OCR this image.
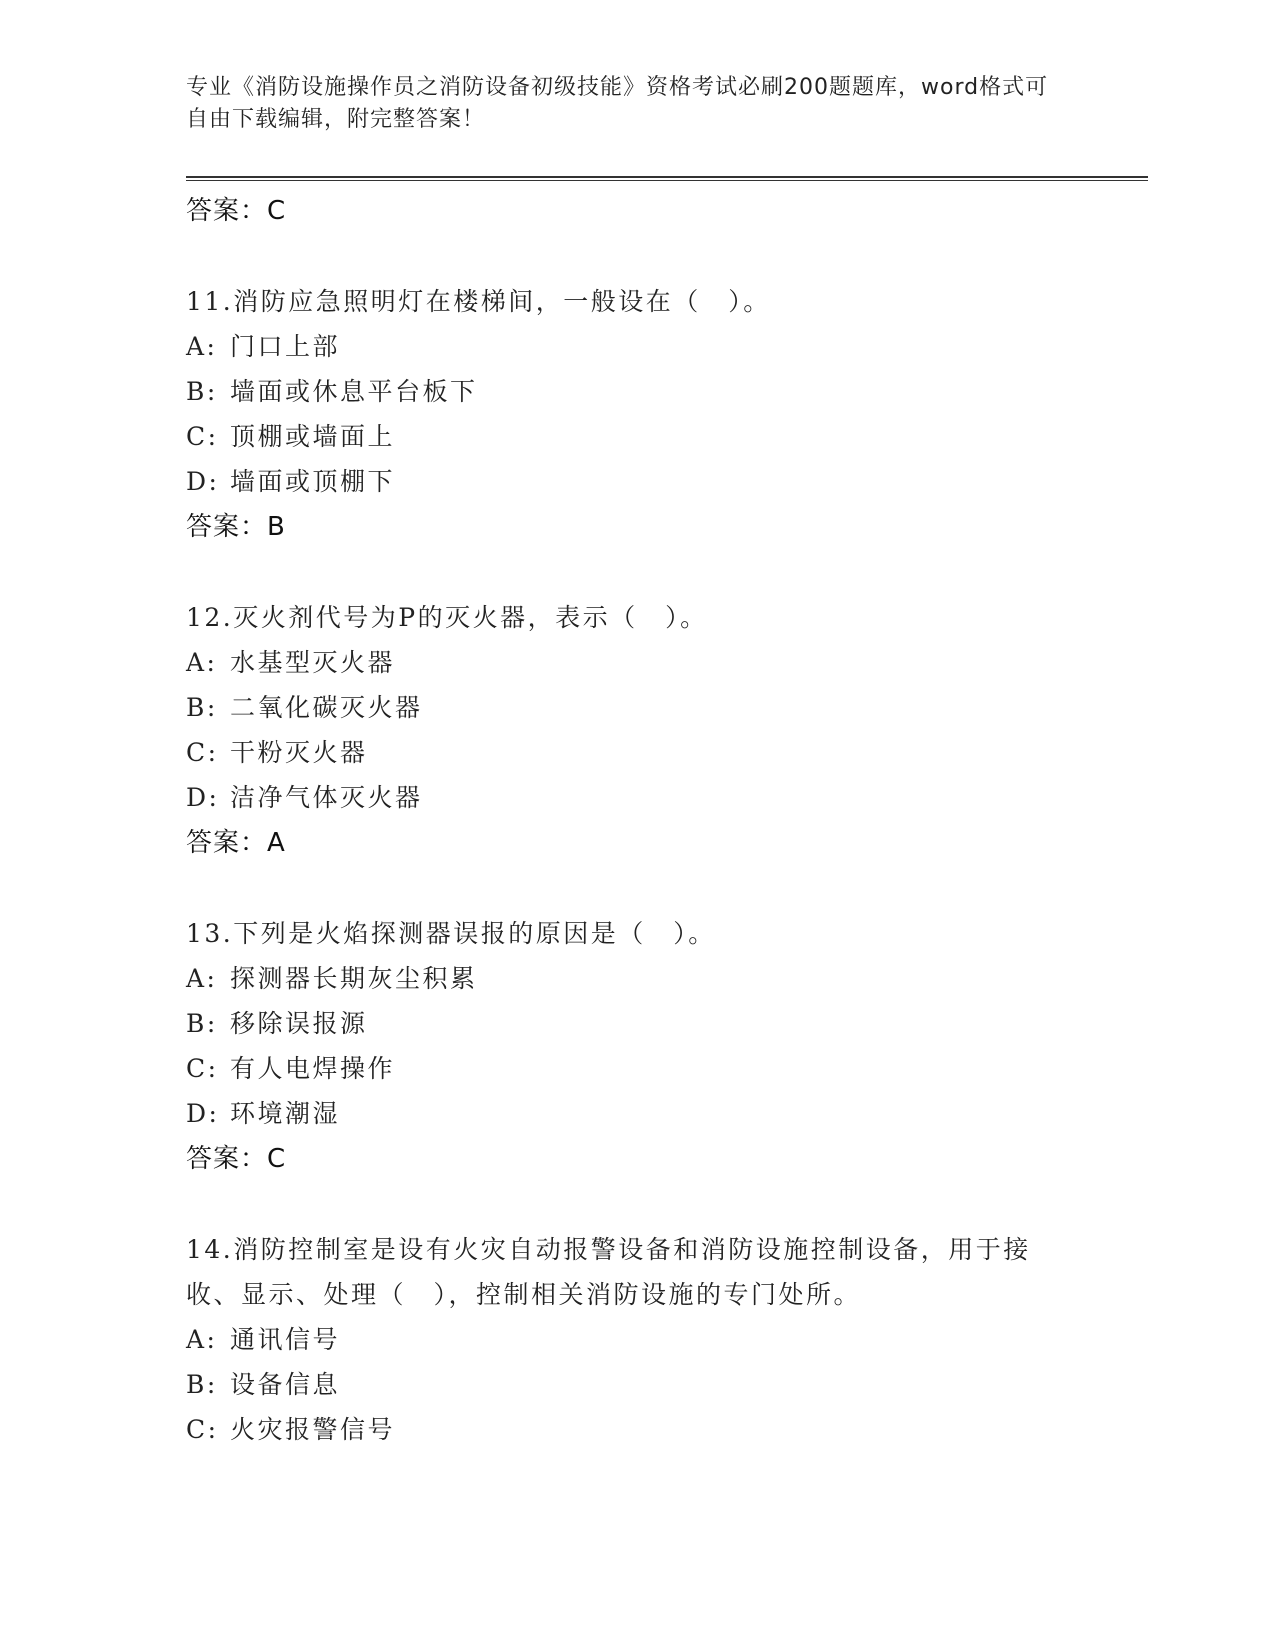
专业《消防设施操作员之消防设备初级技能》资格考试必刷200题题库，word格式可自由下载编辑，附完整答案！
答案：C
11.消防应急照明灯在楼梯间，一般设在（　）。
A: 门口上部
B: 墙面或休息平台板下
C: 顶棚或墙面上
D: 墙面或顶棚下
答案：B
12.灭火剂代号为P的灭火器，表示（　）。
A: 水基型灭火器
B: 二氧化碳灭火器
C: 干粉灭火器
D: 洁净气体灭火器
答案：A
13.下列是火焰探测器误报的原因是（　）。
A: 探测器长期灰尘积累
B: 移除误报源
C: 有人电焊操作
D: 环境潮湿
答案：C
14.消防控制室是设有火灾自动报警设备和消防设施控制设备，用于接收、显示、处理（　），控制相关消防设施的专门处所。
A: 通讯信号
B: 设备信息
C: 火灾报警信号
